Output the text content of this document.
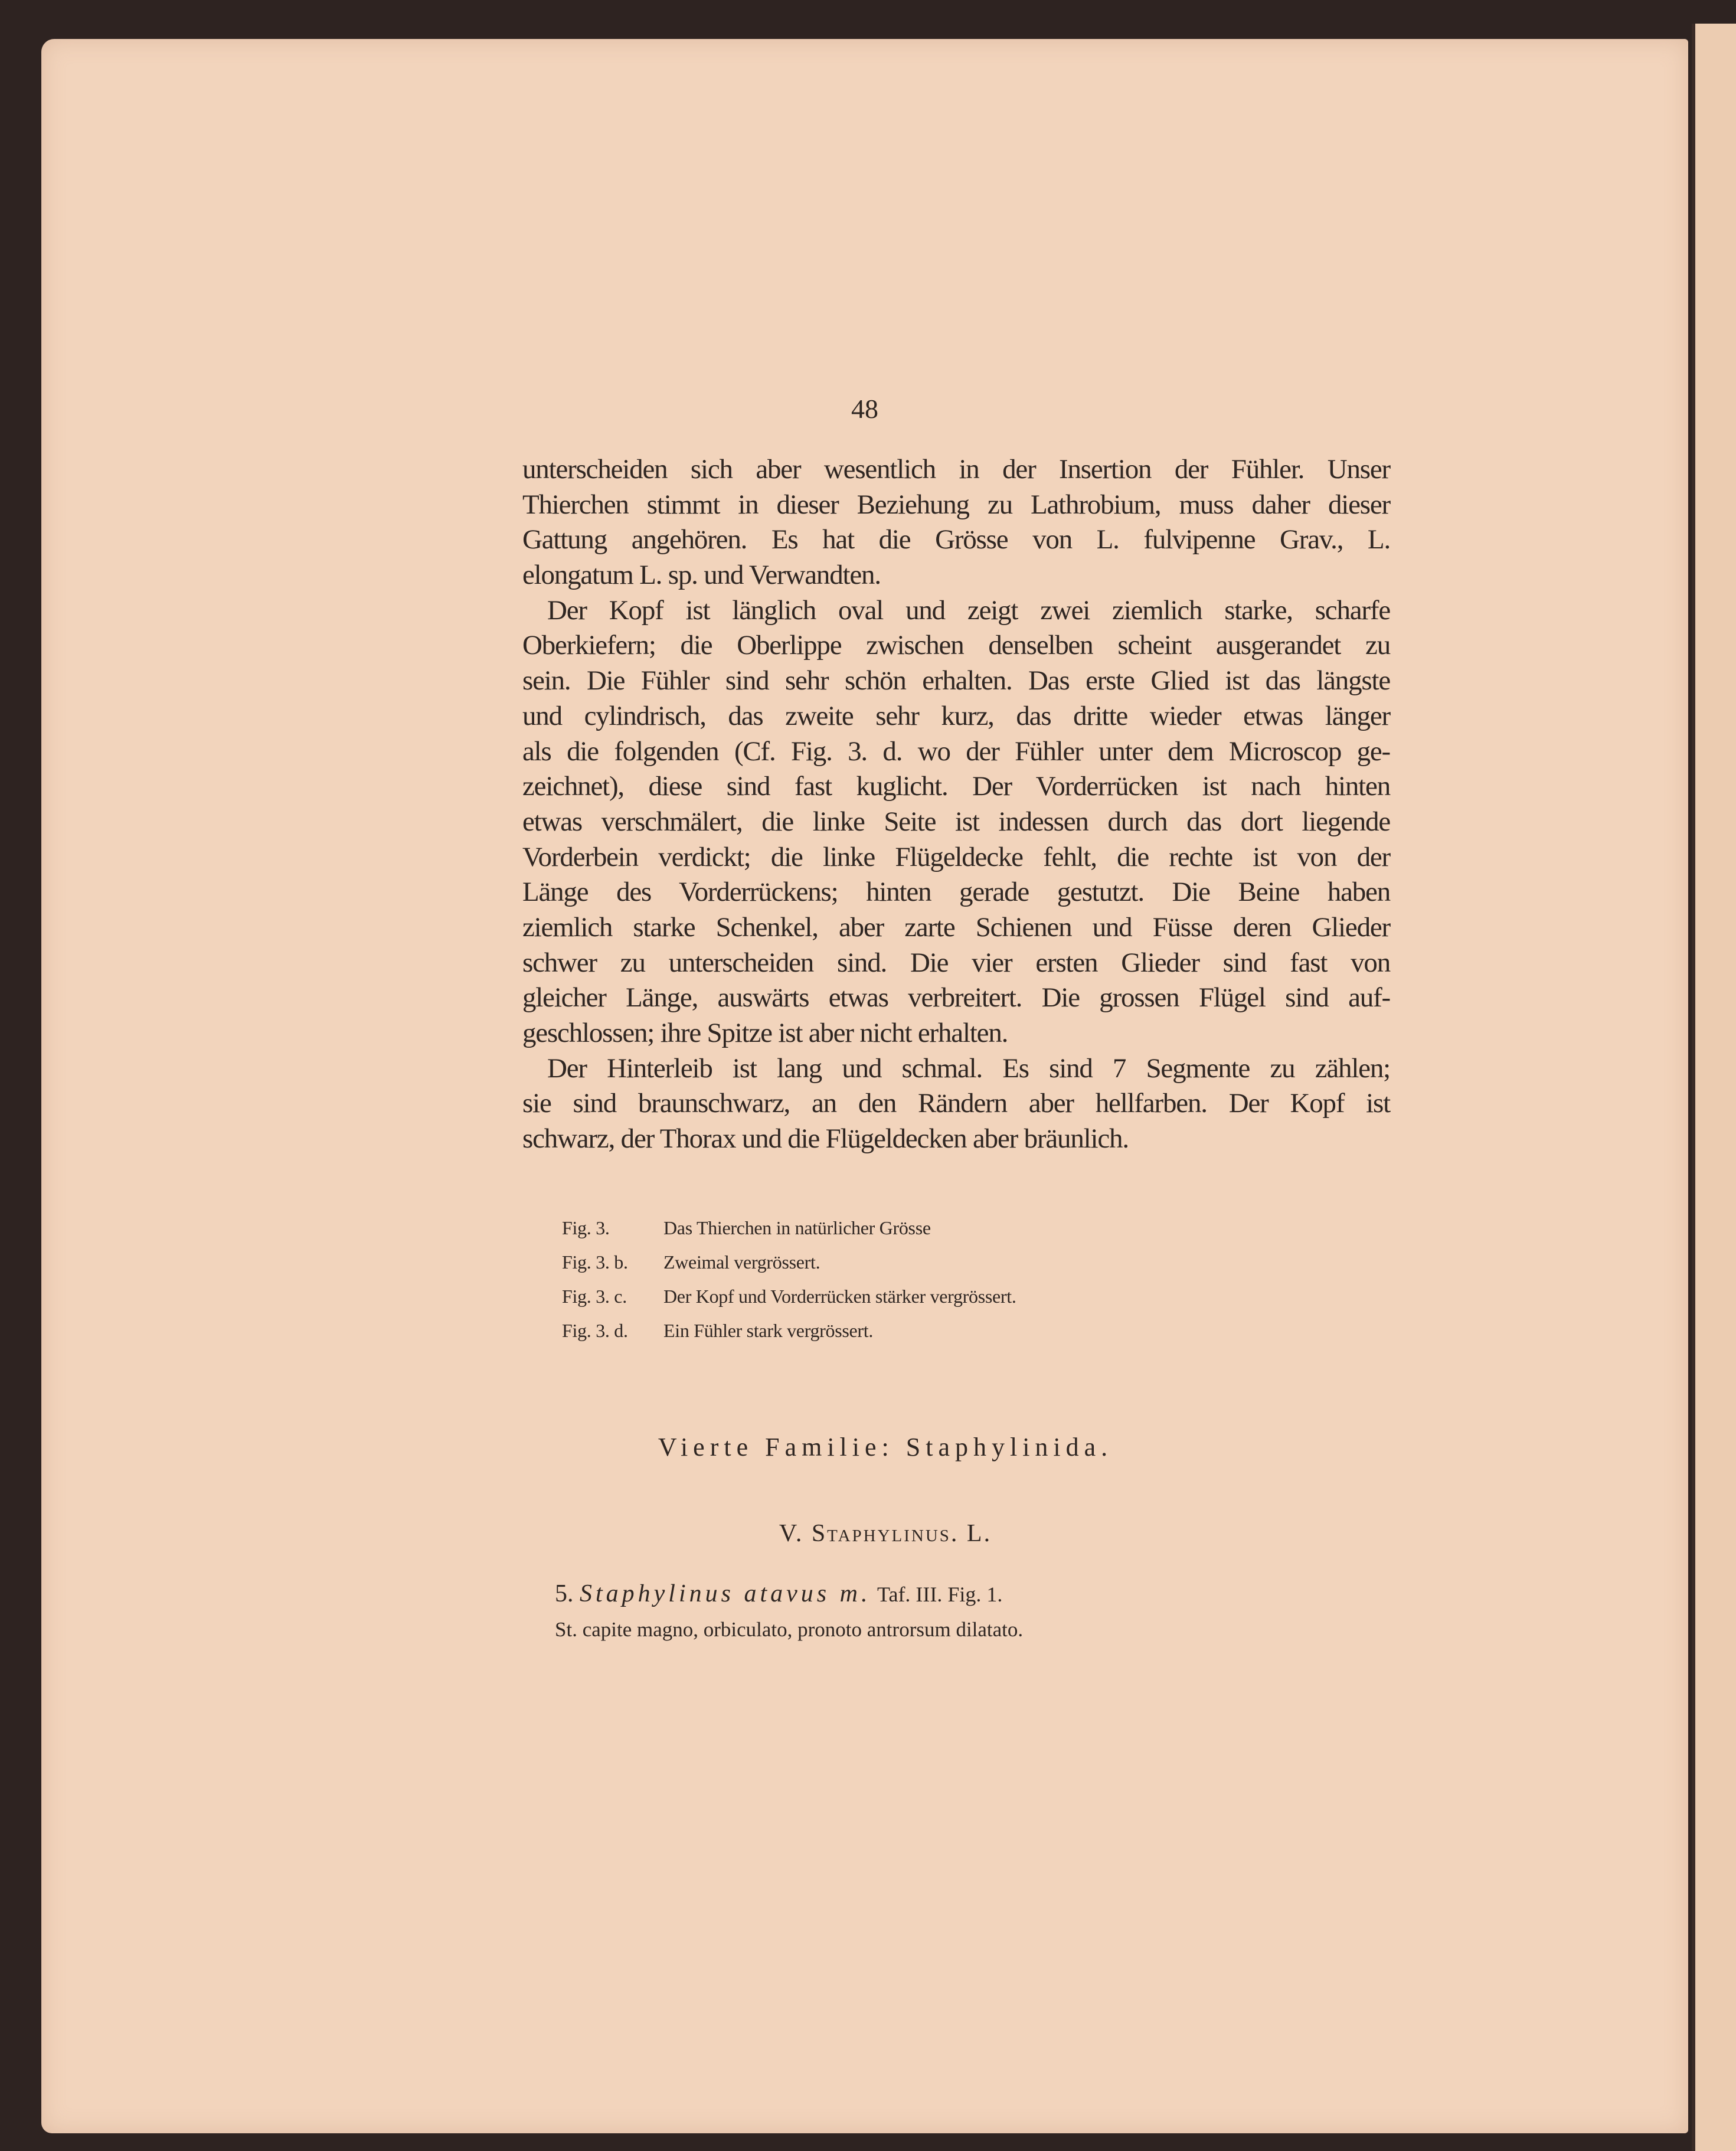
48
unterscheiden sich aber wesentlich in der Insertion der Fühler. Unser
Thierchen stimmt in dieser Beziehung zu Lathrobium, muss daher dieser
Gattung angehören. Es hat die Grösse von L. fulvipenne Grav., L.
elongatum L. sp. und Verwandten.
Der Kopf ist länglich oval und zeigt zwei ziemlich starke, scharfe
Oberkiefern; die Oberlippe zwischen denselben scheint ausgerandet zu
sein. Die Fühler sind sehr schön erhalten. Das erste Glied ist das längste
und cylindrisch, das zweite sehr kurz, das dritte wieder etwas länger
als die folgenden (Cf. Fig. 3. d. wo der Fühler unter dem Microscop ge-
zeichnet), diese sind fast kuglicht. Der Vorderrücken ist nach hinten
etwas verschmälert, die linke Seite ist indessen durch das dort liegende
Vorderbein verdickt; die linke Flügeldecke fehlt, die rechte ist von der
Länge des Vorderrückens; hinten gerade gestutzt. Die Beine haben
ziemlich starke Schenkel, aber zarte Schienen und Füsse deren Glieder
schwer zu unterscheiden sind. Die vier ersten Glieder sind fast von
gleicher Länge, auswärts etwas verbreitert. Die grossen Flügel sind auf-
geschlossen; ihre Spitze ist aber nicht erhalten.
Der Hinterleib ist lang und schmal. Es sind 7 Segmente zu zählen;
sie sind braunschwarz, an den Rändern aber hellfarben. Der Kopf ist
schwarz, der Thorax und die Flügeldecken aber bräunlich.
Fig. 3.	Das Thierchen in natürlicher Grösse
Fig. 3. b.	Zweimal vergrössert.
Fig. 3. c.	Der Kopf und Vorderrücken stärker vergrössert.
Fig. 3. d.	Ein Fühler stark vergrössert.
Vierte Familie: Staphylinida.
V. Staphylinus. L.
5. Staphylinus atavus m. Taf. III. Fig. 1.
St. capite magno, orbiculato, pronoto antrorsum dilatato.
